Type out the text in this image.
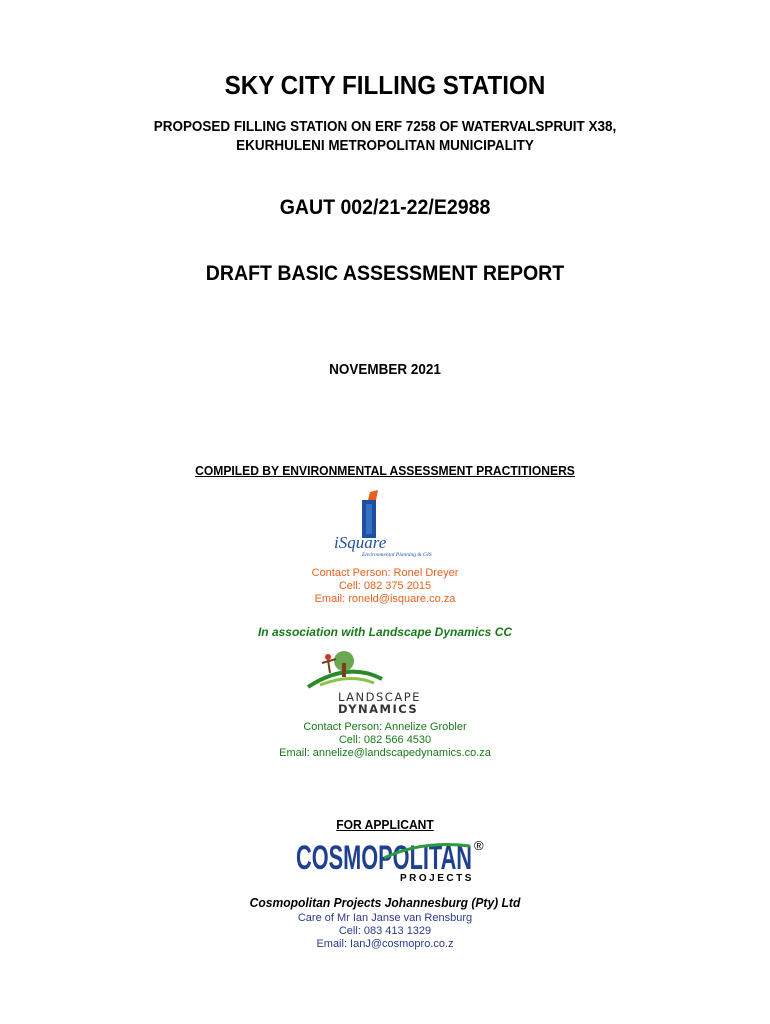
SKY CITY FILLING STATION
PROPOSED FILLING STATION ON ERF 7258 OF WATERVALSPRUIT X38,
EKURHULENI METROPOLITAN MUNICIPALITY
GAUT 002/21-22/E2988
DRAFT BASIC ASSESSMENT REPORT
NOVEMBER 2021
COMPILED BY ENVIRONMENTAL ASSESSMENT PRACTITIONERS
iSquare
Environmental Planning & GIS
Contact Person: Ronel Dreyer
Cell: 082 375 2015
Email: roneld@isquare.co.za
In association with Landscape Dynamics CC
LANDSCAPE
DYNAMICS
Contact Person: Annelize Grobler
Cell: 082 566 4530
Email: annelize@landscapedynamics.co.za
FOR APPLICANT
COSMOPOLITAN ®
PROJECTS
Cosmopolitan Projects Johannesburg (Pty) Ltd
Care of Mr Ian Janse van Rensburg
Cell: 083 413 1329
Email: IanJ@cosmopro.co.z
